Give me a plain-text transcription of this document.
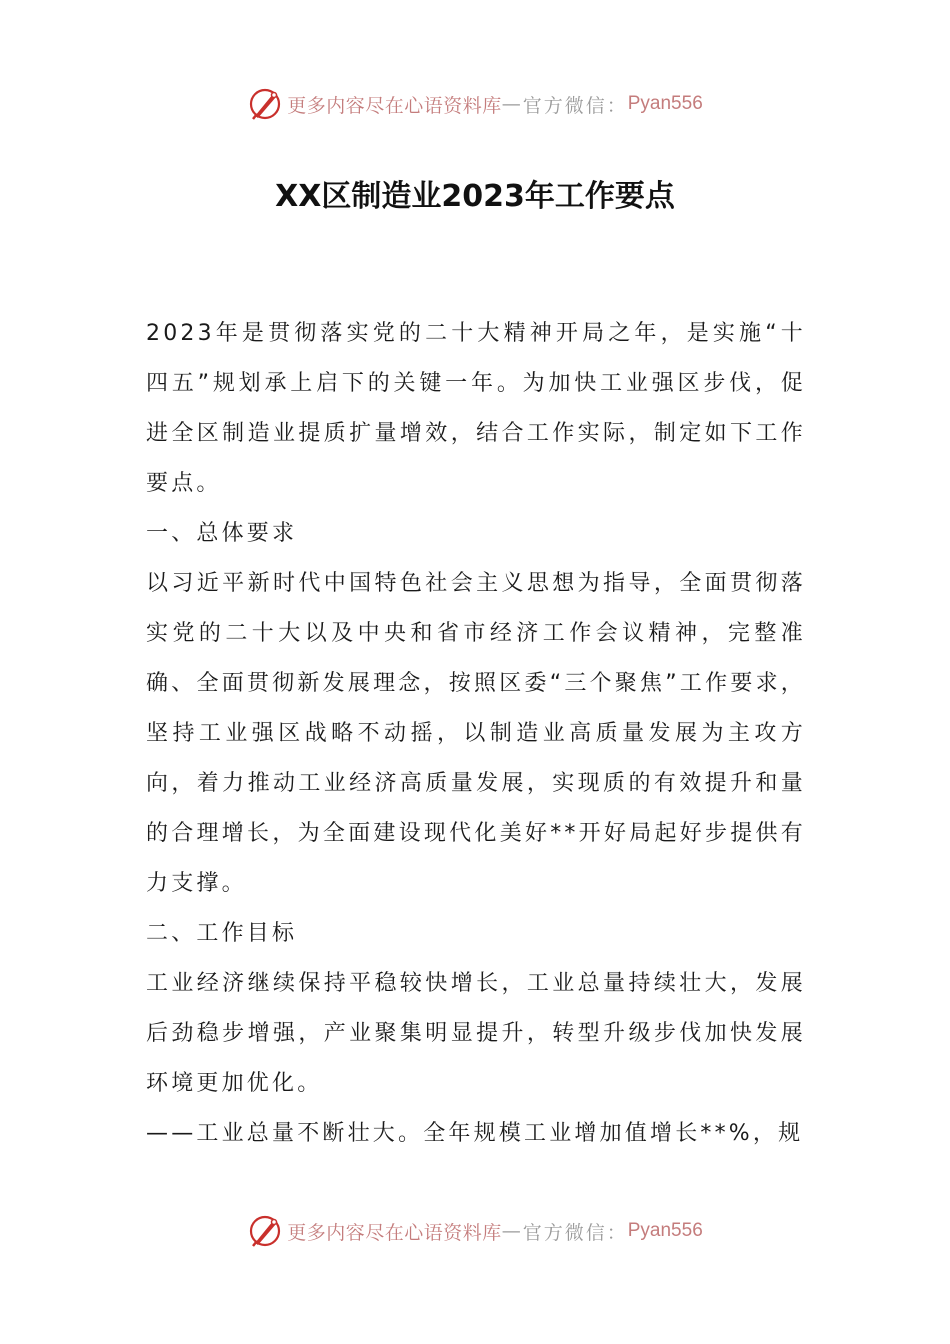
更多内容尽在心语资料库 — 官方微信： Pyan556
XX区制造业2023年工作要点

2023年是贯彻落实党的二十大精神开局之年，是实施“十四五”规划承上启下的关键一年。为加快工业强区步伐，促进全区制造业提质扩量增效，结合工作实际，制定如下工作要点。

一、总体要求

以习近平新时代中国特色社会主义思想为指导，全面贯彻落实党的二十大以及中央和省市经济工作会议精神，完整准确、全面贯彻新发展理念，按照区委“三个聚焦”工作要求，坚持工业强区战略不动摇，以制造业高质量发展为主攻方向，着力推动工业经济高质量发展，实现质的有效提升和量的合理增长，为全面建设现代化美好**开好局起好步提供有力支撑。

二、工作目标

工业经济继续保持平稳较快增长，工业总量持续壮大，发展后劲稳步增强，产业聚集明显提升，转型升级步伐加快发展环境更加优化。

——工业总量不断壮大。全年规模工业增加值增长**%，规

更多内容尽在心语资料库 — 官方微信： Pyan556
